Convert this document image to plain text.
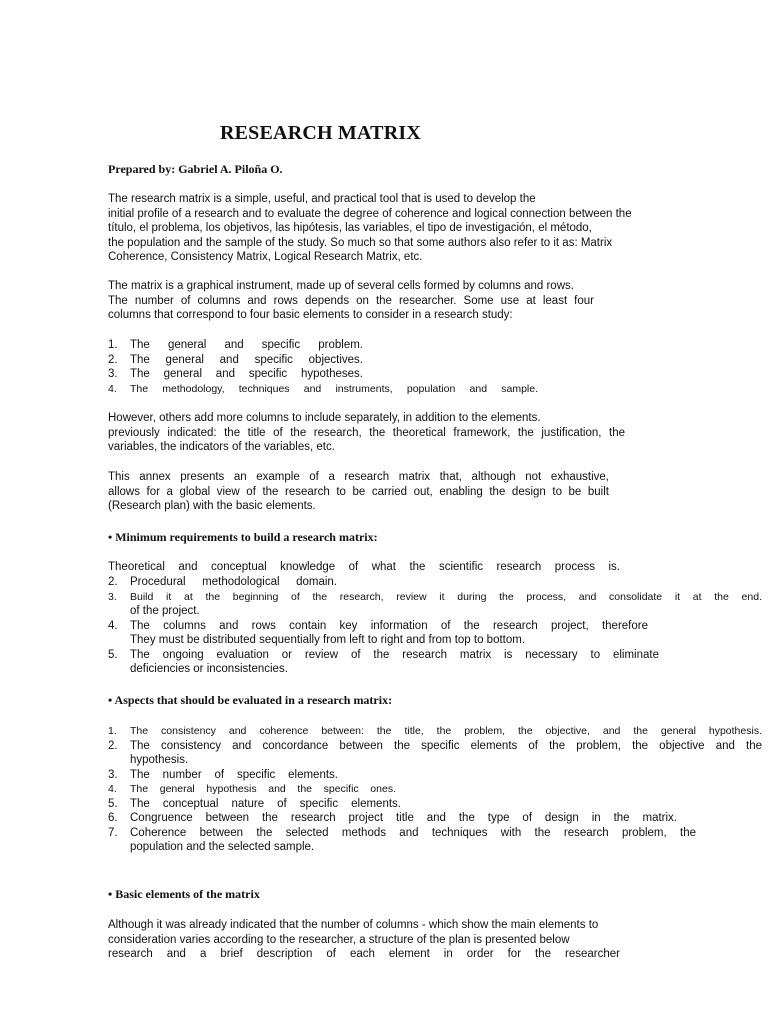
RESEARCH MATRIX

Prepared by: Gabriel A. Piloña O.

The research matrix is a simple, useful, and practical tool that is used to develop the
initial profile of a research and to evaluate the degree of coherence and logical connection between the
título, el problema, los objetivos, las hipótesis, las variables, el tipo de investigación, el método,
the population and the sample of the study. So much so that some authors also refer to it as: Matrix
Coherence, Consistency Matrix, Logical Research Matrix, etc.

The matrix is a graphical instrument, made up of several cells formed by columns and rows.
The number of columns and rows depends on the researcher. Some use at least four
columns that correspond to four basic elements to consider in a research study:

1. The general and specific problem.
2. The general and specific objectives.
3. The general and specific hypotheses.
4. The methodology, techniques and instruments, population and sample.

However, others add more columns to include separately, in addition to the elements.
previously indicated: the title of the research, the theoretical framework, the justification, the
variables, the indicators of the variables, etc.

This annex presents an example of a research matrix that, although not exhaustive,
allows for a global view of the research to be carried out, enabling the design to be built
(Research plan) with the basic elements.

• Minimum requirements to build a research matrix:

Theoretical and conceptual knowledge of what the scientific research process is.

2. Procedural methodological domain.
3. Build it at the beginning of the research, review it during the process, and consolidate it at the end.
of the project.
4. The columns and rows contain key information of the research project, therefore
They must be distributed sequentially from left to right and from top to bottom.
5. The ongoing evaluation or review of the research matrix is necessary to eliminate
deficiencies or inconsistencies.

• Aspects that should be evaluated in a research matrix:

1. The consistency and coherence between: the title, the problem, the objective, and the general hypothesis.
2. The consistency and concordance between the specific elements of the problem, the objective and the
hypothesis.
3. The number of specific elements.
4. The general hypothesis and the specific ones.
5. The conceptual nature of specific elements.
6. Congruence between the research project title and the type of design in the matrix.
7. Coherence between the selected methods and techniques with the research problem, the
population and the selected sample.

• Basic elements of the matrix

Although it was already indicated that the number of columns - which show the main elements to
consideration varies according to the researcher, a structure of the plan is presented below
research and a brief description of each element in order for the researcher
